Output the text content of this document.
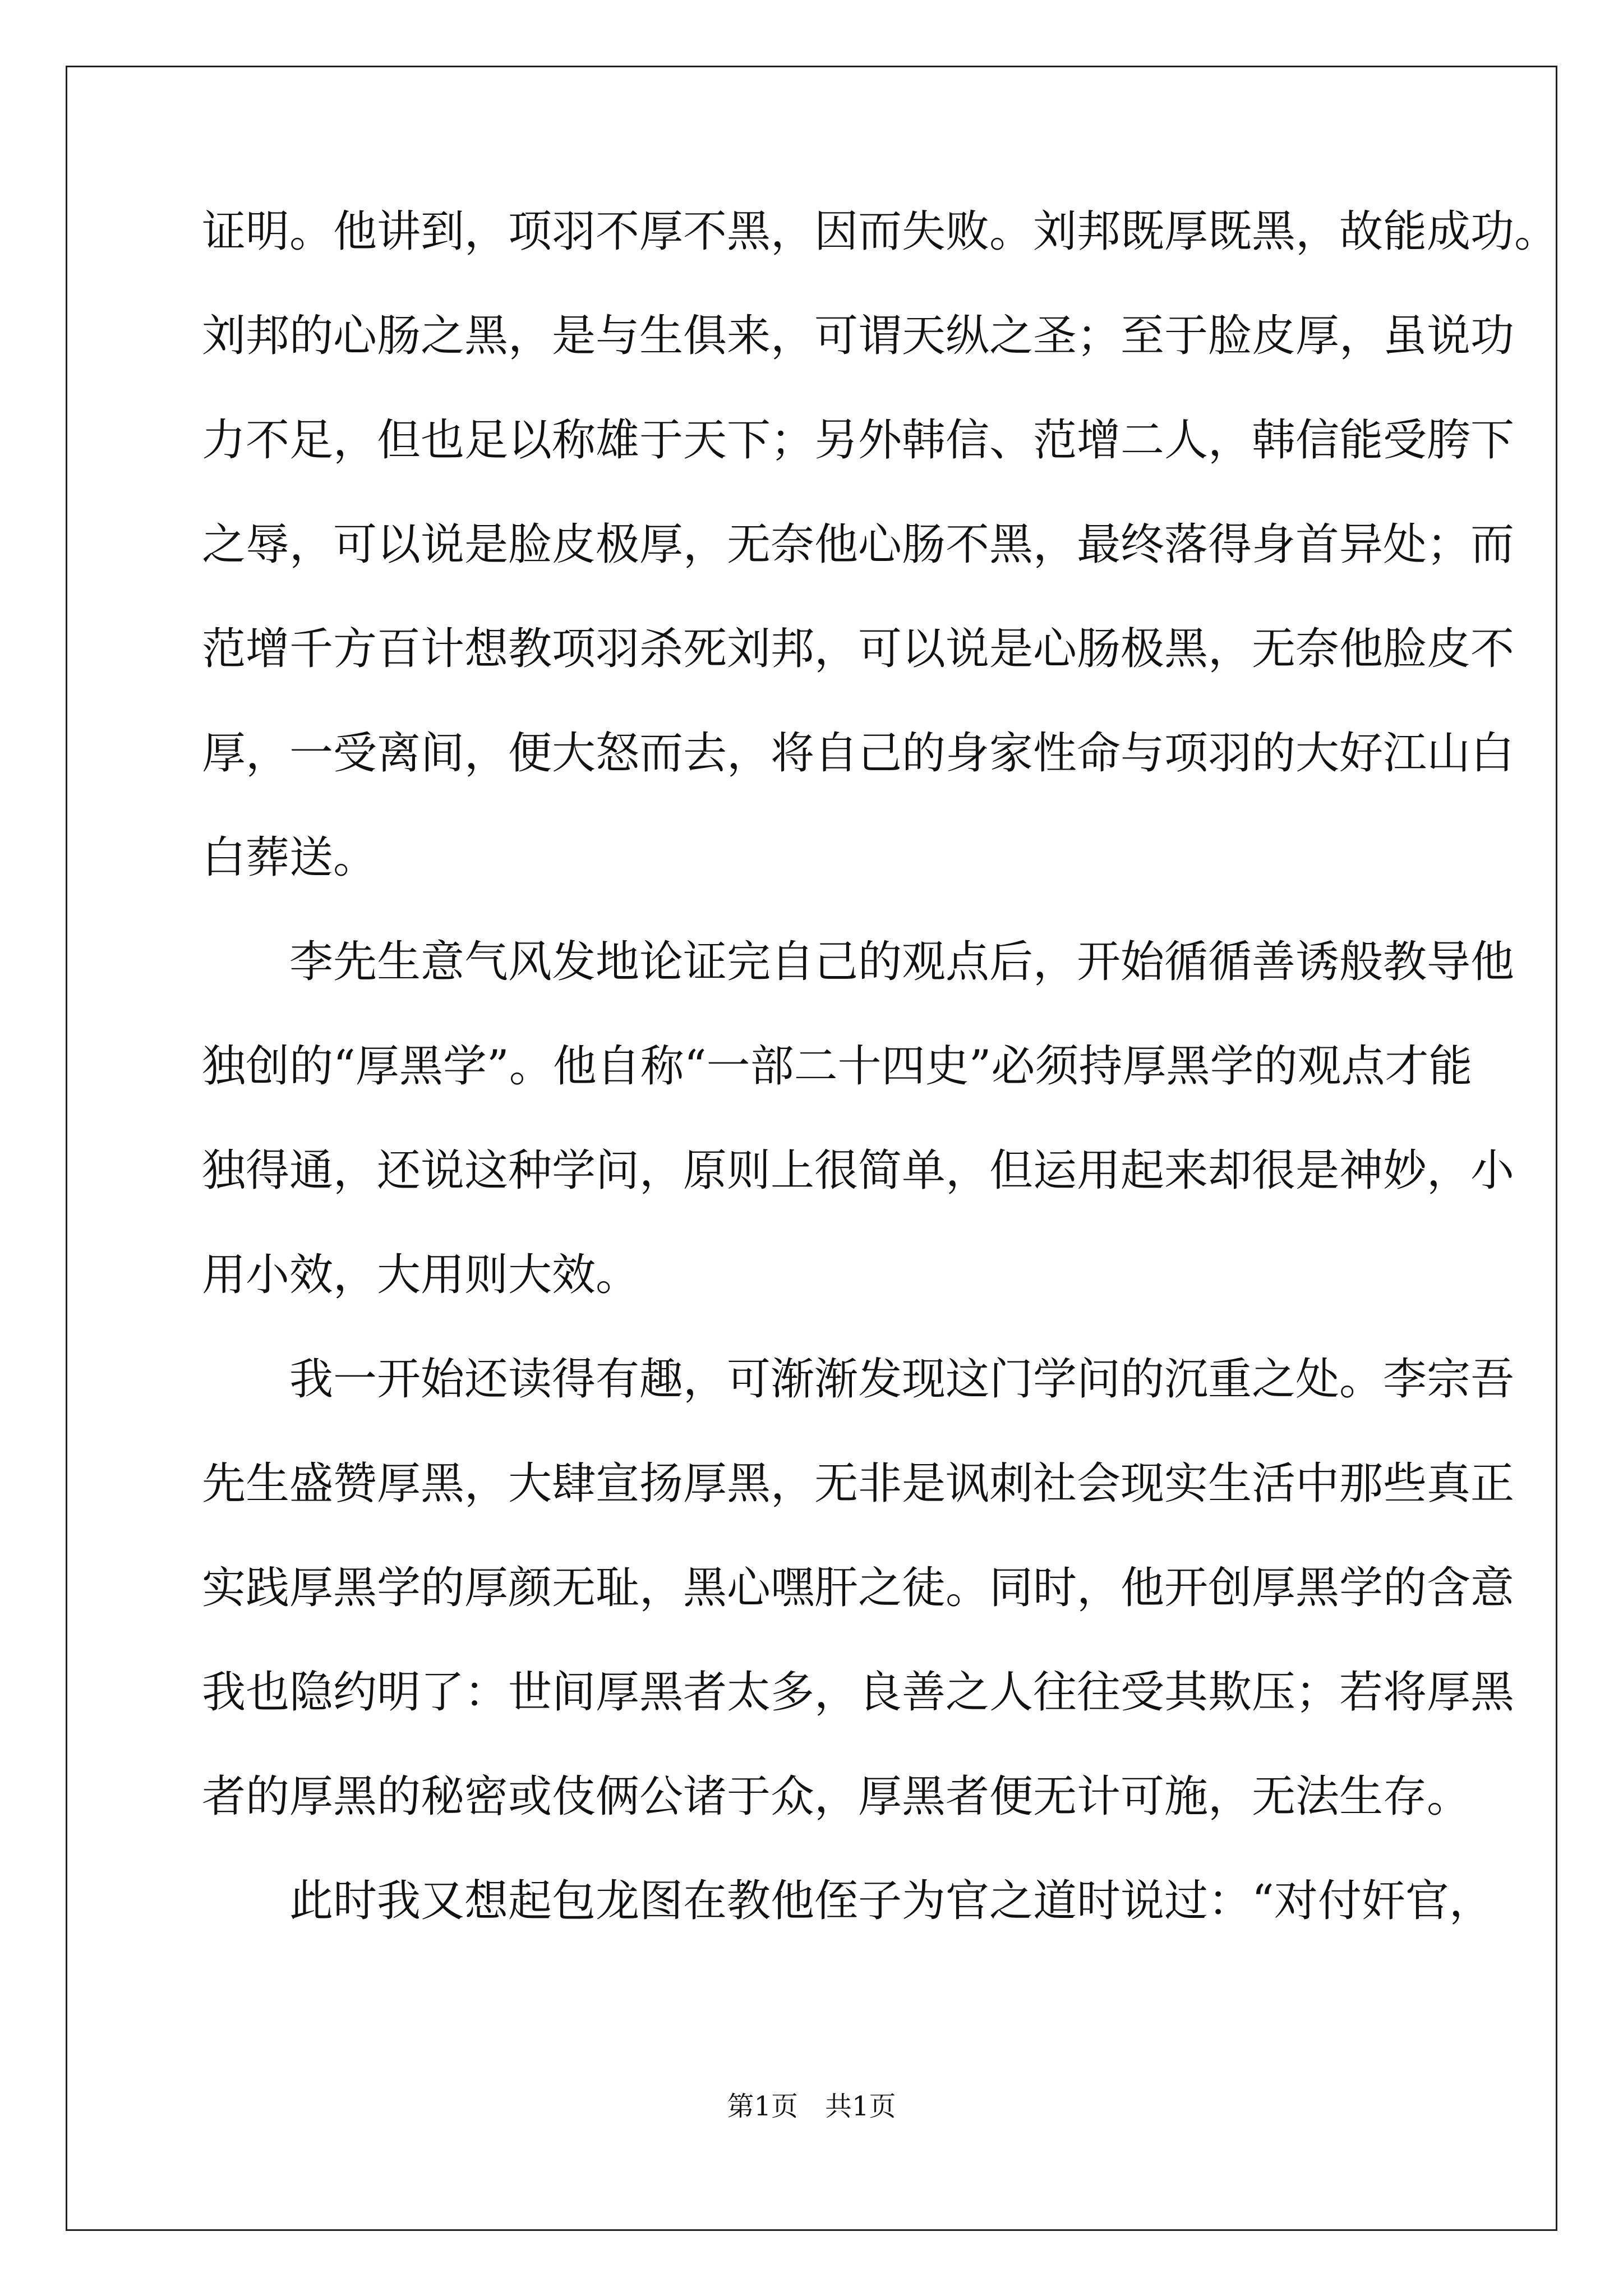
证明。他讲到，项羽不厚不黑，因而失败。刘邦既厚既黑，故能成功。
刘邦的心肠之黑，是与生俱来，可谓天纵之圣；至于脸皮厚，虽说功
力不足，但也足以称雄于天下；另外韩信、范增二人，韩信能受胯下
之辱，可以说是脸皮极厚，无奈他心肠不黑，最终落得身首异处；而
范增千方百计想教项羽杀死刘邦，可以说是心肠极黑，无奈他脸皮不
厚，一受离间，便大怒而去，将自己的身家性命与项羽的大好江山白
白葬送。
李先生意气风发地论证完自己的观点后，开始循循善诱般教导他
独创的“厚黑学”。他自称“一部二十四史”必须持厚黑学的观点才能
独得通，还说这种学问，原则上很简单，但运用起来却很是神妙，小
用小效，大用则大效。
我一开始还读得有趣，可渐渐发现这门学问的沉重之处。李宗吾
先生盛赞厚黑，大肆宣扬厚黑，无非是讽刺社会现实生活中那些真正
实践厚黑学的厚颜无耻，黑心嘿肝之徒。同时，他开创厚黑学的含意
我也隐约明了：世间厚黑者太多，良善之人往往受其欺压；若将厚黑
者的厚黑的秘密或伎俩公诸于众，厚黑者便无计可施，无法生存。
此时我又想起包龙图在教他侄子为官之道时说过：“对付奸官，
第1页　共1页
